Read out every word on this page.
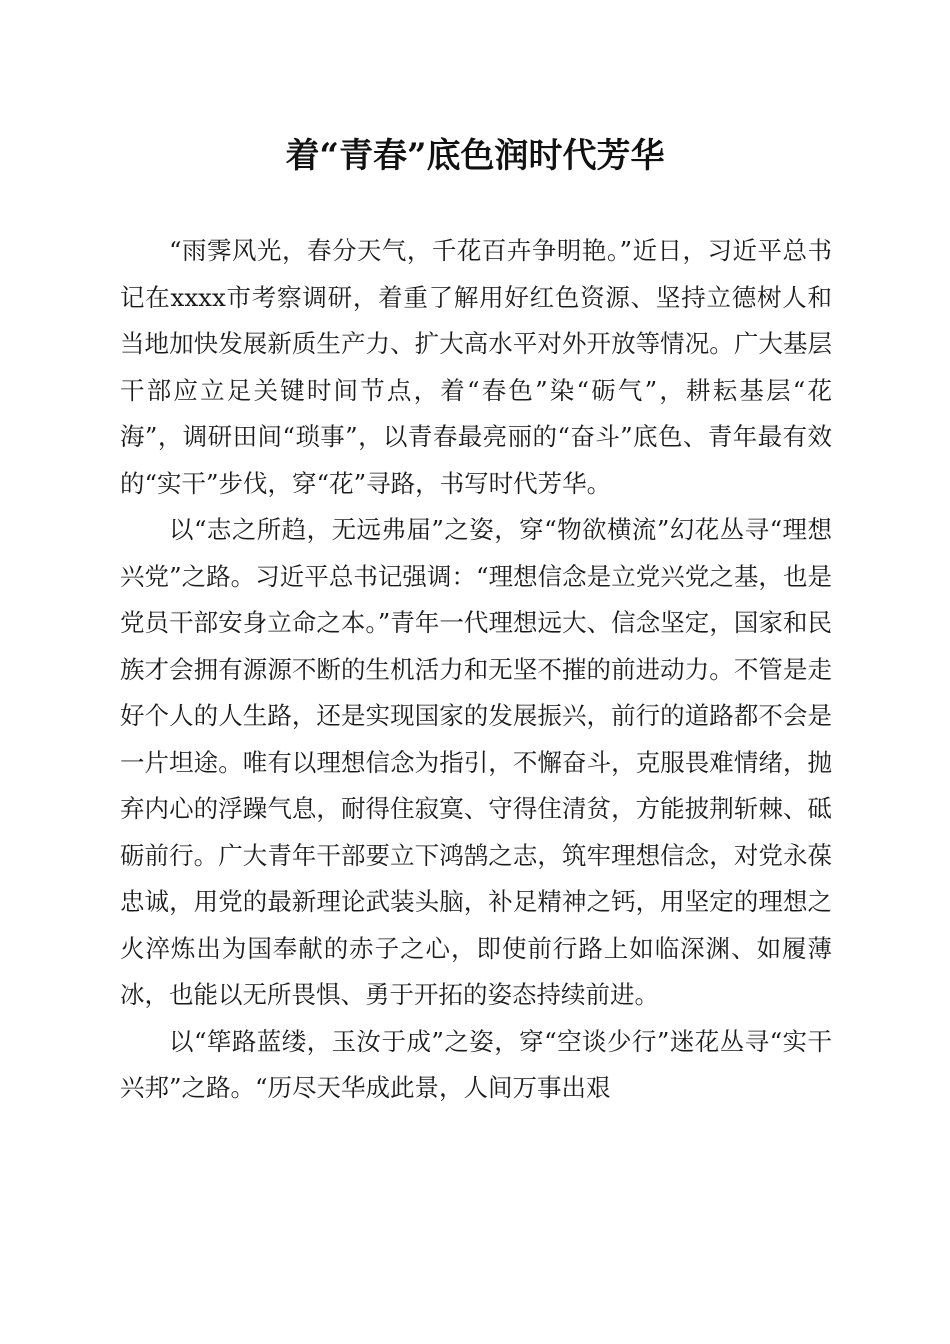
着“青春”底色润时代芳华

“雨霁风光，春分天气，千花百卉争明艳。”近日，习近平总书记在xxxx市考察调研，着重了解用好红色资源、坚持立德树人和当地加快发展新质生产力、扩大高水平对外开放等情况。广大基层干部应立足关键时间节点，着“春色”染“砺气”，耕耘基层“花海”，调研田间“琐事”，以青春最亮丽的“奋斗”底色、青年最有效的“实干”步伐，穿“花”寻路，书写时代芳华。

以“志之所趋，无远弗届”之姿，穿“物欲横流”幻花丛寻“理想兴党”之路。习近平总书记强调：“理想信念是立党兴党之基，也是党员干部安身立命之本。”青年一代理想远大、信念坚定，国家和民族才会拥有源源不断的生机活力和无坚不摧的前进动力。不管是走好个人的人生路，还是实现国家的发展振兴，前行的道路都不会是一片坦途。唯有以理想信念为指引，不懈奋斗，克服畏难情绪，抛弃内心的浮躁气息，耐得住寂寞、守得住清贫，方能披荆斩棘、砥砺前行。广大青年干部要立下鸿鹄之志，筑牢理想信念，对党永葆忠诚，用党的最新理论武装头脑，补足精神之钙，用坚定的理想之火淬炼出为国奉献的赤子之心，即使前行路上如临深渊、如履薄冰，也能以无所畏惧、勇于开拓的姿态持续前进。

以“筚路蓝缕，玉汝于成”之姿，穿“空谈少行”迷花丛寻“实干兴邦”之路。“历尽天华成此景，人间万事出艰
